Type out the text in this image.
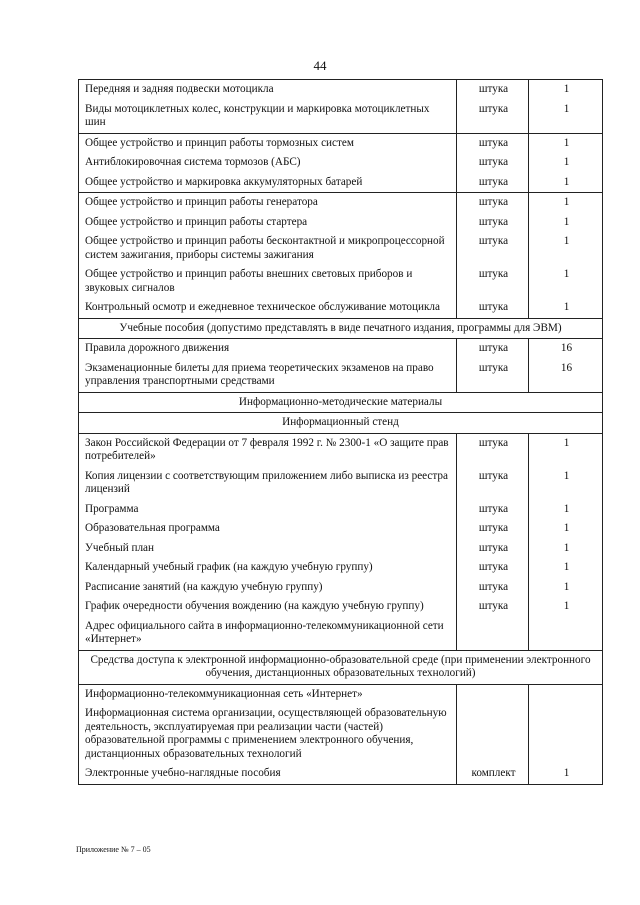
44
Передняя и задняя подвески мотоцикла	штука	1
Виды мотоциклетных колес, конструкции и маркировка мотоциклетных шин	штука	1
Общее устройство и принцип работы тормозных систем	штука	1
Антиблокировочная система тормозов (АБС)	штука	1
Общее устройство и маркировка аккумуляторных батарей	штука	1
Общее устройство и принцип работы генератора	штука	1
Общее устройство и принцип работы стартера	штука	1
Общее устройство и принцип работы бесконтактной и микропроцессорной систем зажигания, приборы системы зажигания	штука	1
Общее устройство и принцип работы внешних световых приборов и звуковых сигналов	штука	1
Контрольный осмотр и ежедневное техническое обслуживание мотоцикла	штука	1
Учебные пособия (допустимо представлять в виде печатного издания, программы для ЭВМ)		
Правила дорожного движения	штука	16
Экзаменационные билеты для приема теоретических экзаменов на право управления транспортными средствами	штука	16
Информационно-методические материалы		
Информационный стенд		
Закон Российской Федерации от 7 февраля 1992 г. № 2300-1 «О защите прав потребителей»	штука	1
Копия лицензии с соответствующим приложением либо выписка из реестра лицензий	штука	1
Программа	штука	1
Образовательная программа	штука	1
Учебный план	штука	1
Календарный учебный график (на каждую учебную группу)	штука	1
Расписание занятий (на каждую учебную группу)	штука	1
График очередности обучения вождению (на каждую учебную группу)	штука	1
Адрес официального сайта в информационно-телекоммуникационной сети «Интернет»		
Средства доступа к электронной информационно-образовательной среде (при применении электронного обучения, дистанционных образовательных технологий)		
Информационно-телекоммуникационная сеть «Интернет»		
Информационная система организации, осуществляющей образовательную деятельность, эксплуатируемая при реализации части (частей) образовательной программы с применением электронного обучения, дистанционных образовательных технологий		
Электронные учебно-наглядные пособия	комплект	1
Приложение № 7 – 05
